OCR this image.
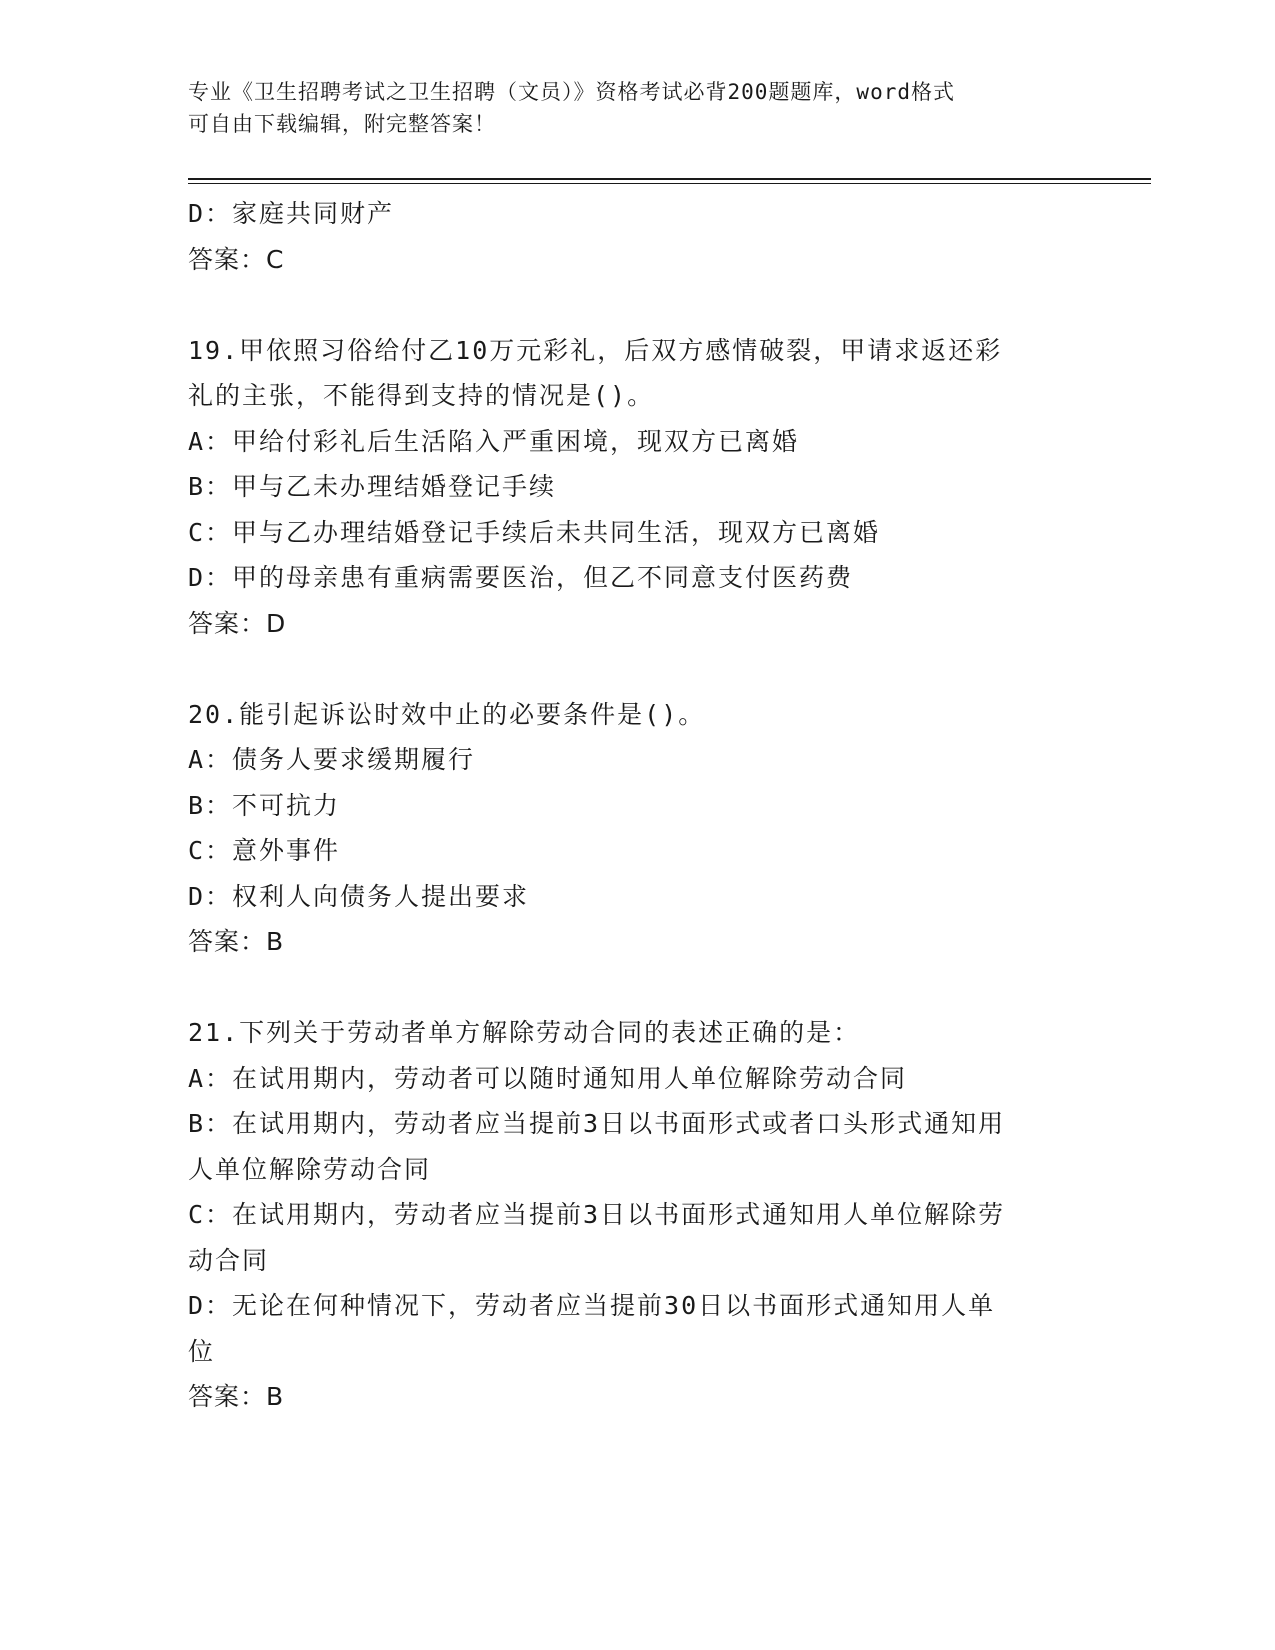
专业《卫生招聘考试之卫生招聘（文员）》资格考试必背200题题库，word格式
可自由下载编辑，附完整答案！
D：家庭共同财产
答案：C
19.甲依照习俗给付乙10万元彩礼，后双方感情破裂，甲请求返还彩
礼的主张，不能得到支持的情况是()。
A：甲给付彩礼后生活陷入严重困境，现双方已离婚
B：甲与乙未办理结婚登记手续
C：甲与乙办理结婚登记手续后未共同生活，现双方已离婚
D：甲的母亲患有重病需要医治，但乙不同意支付医药费
答案：D
20.能引起诉讼时效中止的必要条件是()。
A：债务人要求缓期履行
B：不可抗力
C：意外事件
D：权利人向债务人提出要求
答案：B
21.下列关于劳动者单方解除劳动合同的表述正确的是：
A：在试用期内，劳动者可以随时通知用人单位解除劳动合同
B：在试用期内，劳动者应当提前3日以书面形式或者口头形式通知用
人单位解除劳动合同
C：在试用期内，劳动者应当提前3日以书面形式通知用人单位解除劳
动合同
D：无论在何种情况下，劳动者应当提前30日以书面形式通知用人单
位
答案：B
